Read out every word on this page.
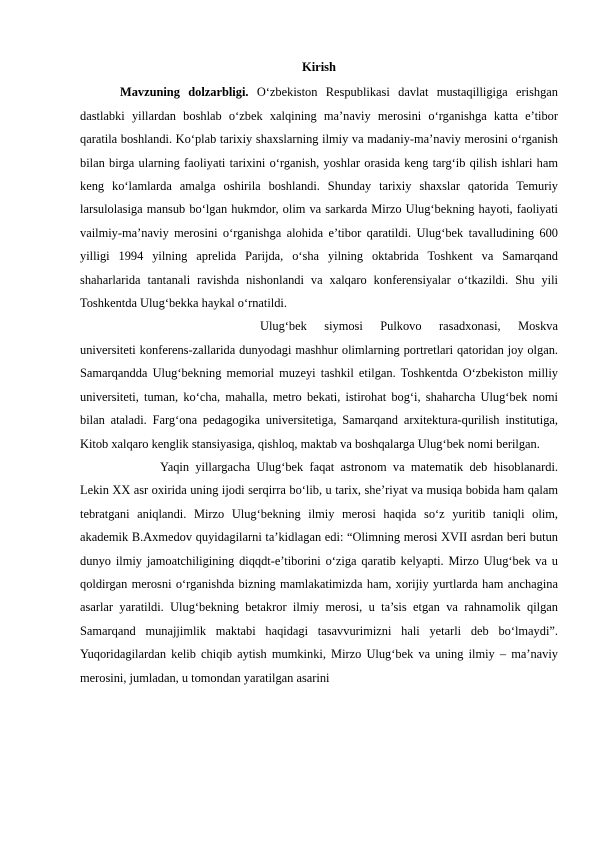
Kirish

Mavzuning dolzarbligi. O‘zbekiston Respublikasi davlat mustaqilligiga erishgan dastlabki yillardan boshlab o‘zbek xalqining ma’naviy merosini o‘rganishga katta e’tibor qaratila boshlandi. Ko‘plab tarixiy shaxslarning ilmiy va madaniy-ma’naviy merosini o‘rganish bilan birga ularning faoliyati tarixini o‘rganish, yoshlar orasida keng targ‘ib qilish ishlari ham keng ko‘lamlarda amalga oshirila boshlandi. Shunday tarixiy shaxslar qatorida Temuriy larsulolasiga mansub bo‘lgan hukmdor, olim va sarkarda Mirzo Ulug‘bekning hayoti, faoliyati vailmiy-ma’naviy merosini o‘rganishga alohida e’tibor qaratildi. Ulug‘bek tavalludining 600 yilligi 1994 yilning aprelida Parijda, o‘sha yilning oktabrida Toshkent va Samarqand shaharlarida tantanali ravishda nishonlandi va xalqaro konferensiyalar o‘tkazildi. Shu yili Toshkentda Ulug‘bekka haykal o‘rnatildi.

Ulug‘bek siymosi Pulkovo rasadxonasi, Moskva universiteti konferens-zallarida dunyodagi mashhur olimlarning portretlari qatoridan joy olgan. Samarqandda Ulug‘bekning memorial muzeyi tashkil etilgan. Toshkentda O‘zbekiston milliy universiteti, tuman, ko‘cha, mahalla, metro bekati, istirohat bog‘i, shaharcha Ulug‘bek nomi bilan ataladi. Farg‘ona pedagogika universitetiga, Samarqand arxitektura-qurilish institutiga, Kitob xalqaro kenglik stansiyasiga, qishloq, maktab va boshqalarga Ulug‘bek nomi berilgan.

Yaqin yillargacha Ulug‘bek faqat astronom va matematik deb hisoblanardi. Lekin XX asr oxirida uning ijodi serqirra bo‘lib, u tarix, she’riyat va musiqa bobida ham qalam tebratgani aniqlandi. Mirzo Ulug‘bekning ilmiy merosi haqida so‘z yuritib taniqli olim, akademik B.Axmedov quyidagilarni ta’kidlagan edi: “Olimning merosi XVII asrdan beri butun dunyo ilmiy jamoatchiligining diqqdt-e’tiborini o‘ziga qaratib kelyapti. Mirzo Ulug‘bek va u qoldirgan merosni o‘rganishda bizning mamlakatimizda ham, xorijiy yurtlarda ham anchagina asarlar yaratildi. Ulug‘bekning betakror ilmiy merosi, u ta’sis etgan va rahnamolik qilgan Samarqand munajjimlik maktabi haqidagi tasavvurimizni hali yetarli deb bo‘lmaydi”. Yuqoridagilardan kelib chiqib aytish mumkinki, Mirzo Ulug‘bek va uning ilmiy – ma’naviy merosini, jumladan, u tomondan yaratilgan asarini
